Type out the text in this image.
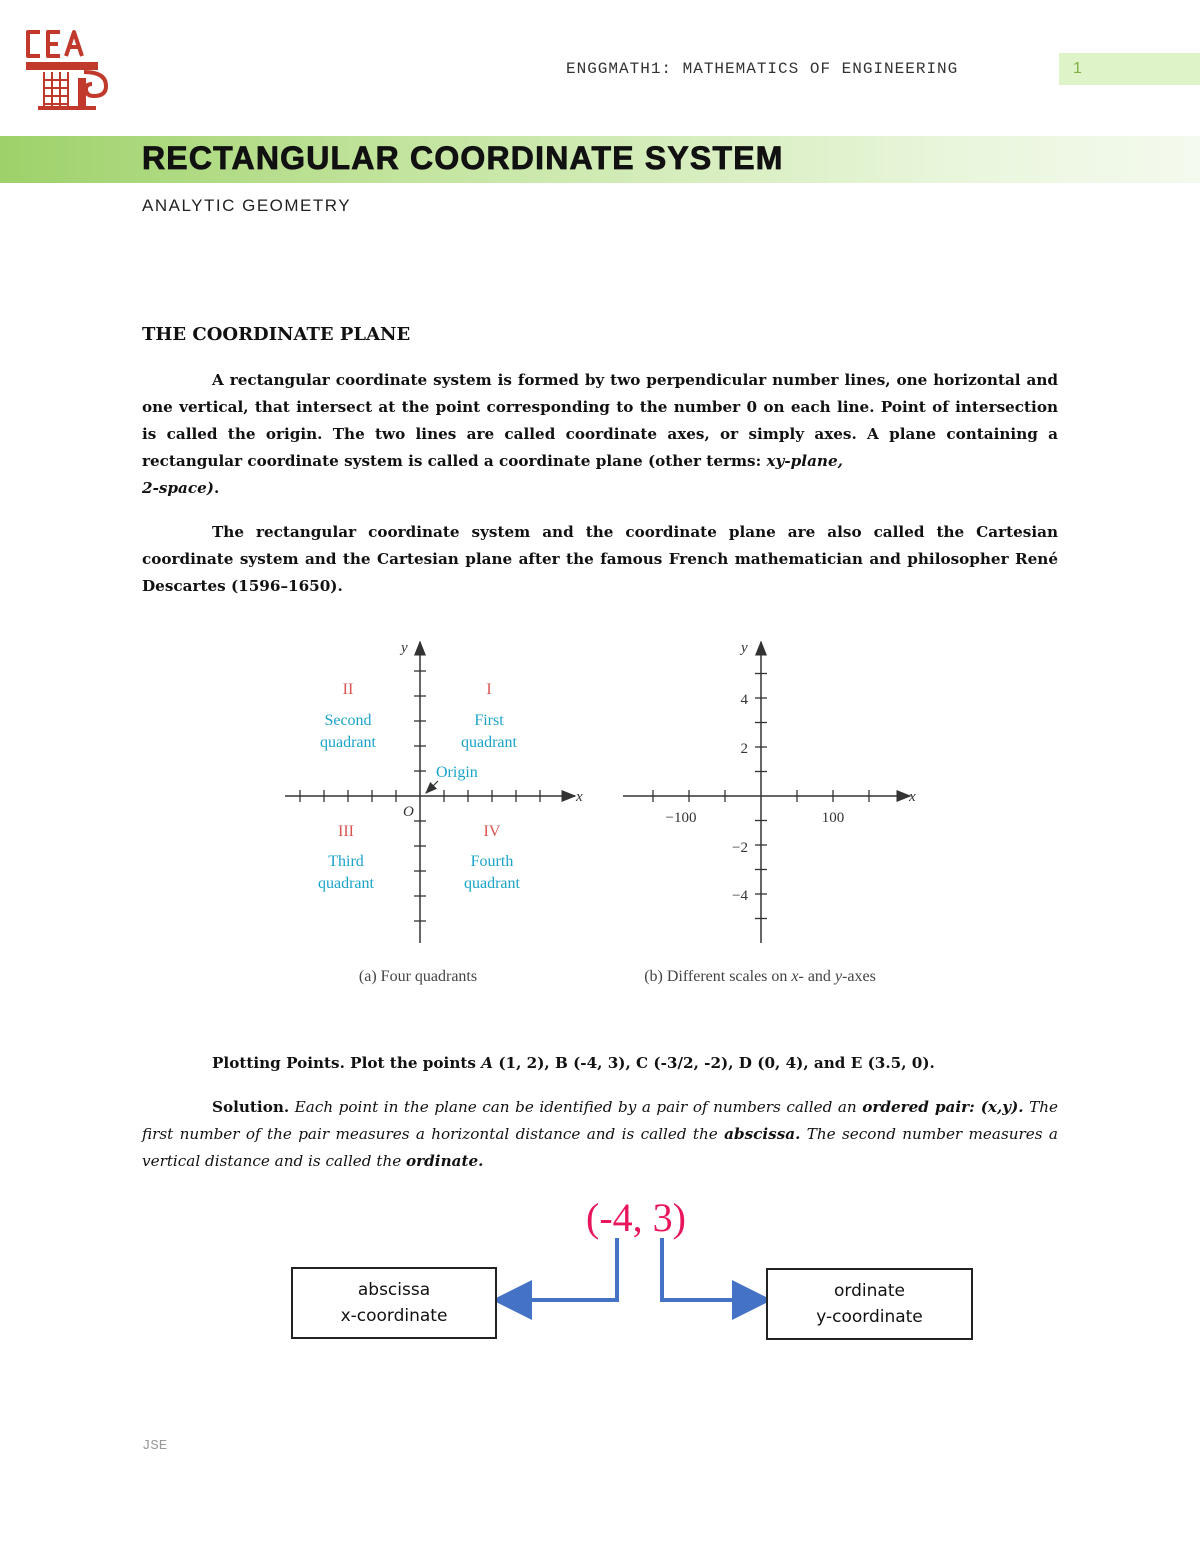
ENGGMATH1: MATHEMATICS OF ENGINEERING	1
RECTANGULAR COORDINATE SYSTEM
ANALYTIC GEOMETRY
THE COORDINATE PLANE
A rectangular coordinate system is formed by two perpendicular number lines, one horizontal and one vertical, that intersect at the point corresponding to the number 0 on each line. Point of intersection is called the origin. The two lines are called coordinate axes, or simply axes. A plane containing a rectangular coordinate system is called a coordinate plane (other terms: xy-plane,
2-space).
The rectangular coordinate system and the coordinate plane are also called the Cartesian coordinate system and the Cartesian plane after the famous French mathematician and philosopher René Descartes (1596–1650).
x
y
O
Origin
I
First
quadrant
II
Second
quadrant
III
Third
quadrant
IV
Fourth
quadrant
(a) Four quadrants
x
y
−100	100
4
2
−2
−4
(b) Different scales on x- and y-axes
Plotting Points. Plot the points A (1, 2), B (-4, 3), C (-3/2, -2), D (0, 4), and E (3.5, 0).
Solution. Each point in the plane can be identified by a pair of numbers called an ordered pair: (x,y). The first number of the pair measures a horizontal distance and is called the abscissa. The second number measures a vertical distance and is called the ordinate.
(-4, 3)
abscissa
x-coordinate
ordinate
y-coordinate
JSE
